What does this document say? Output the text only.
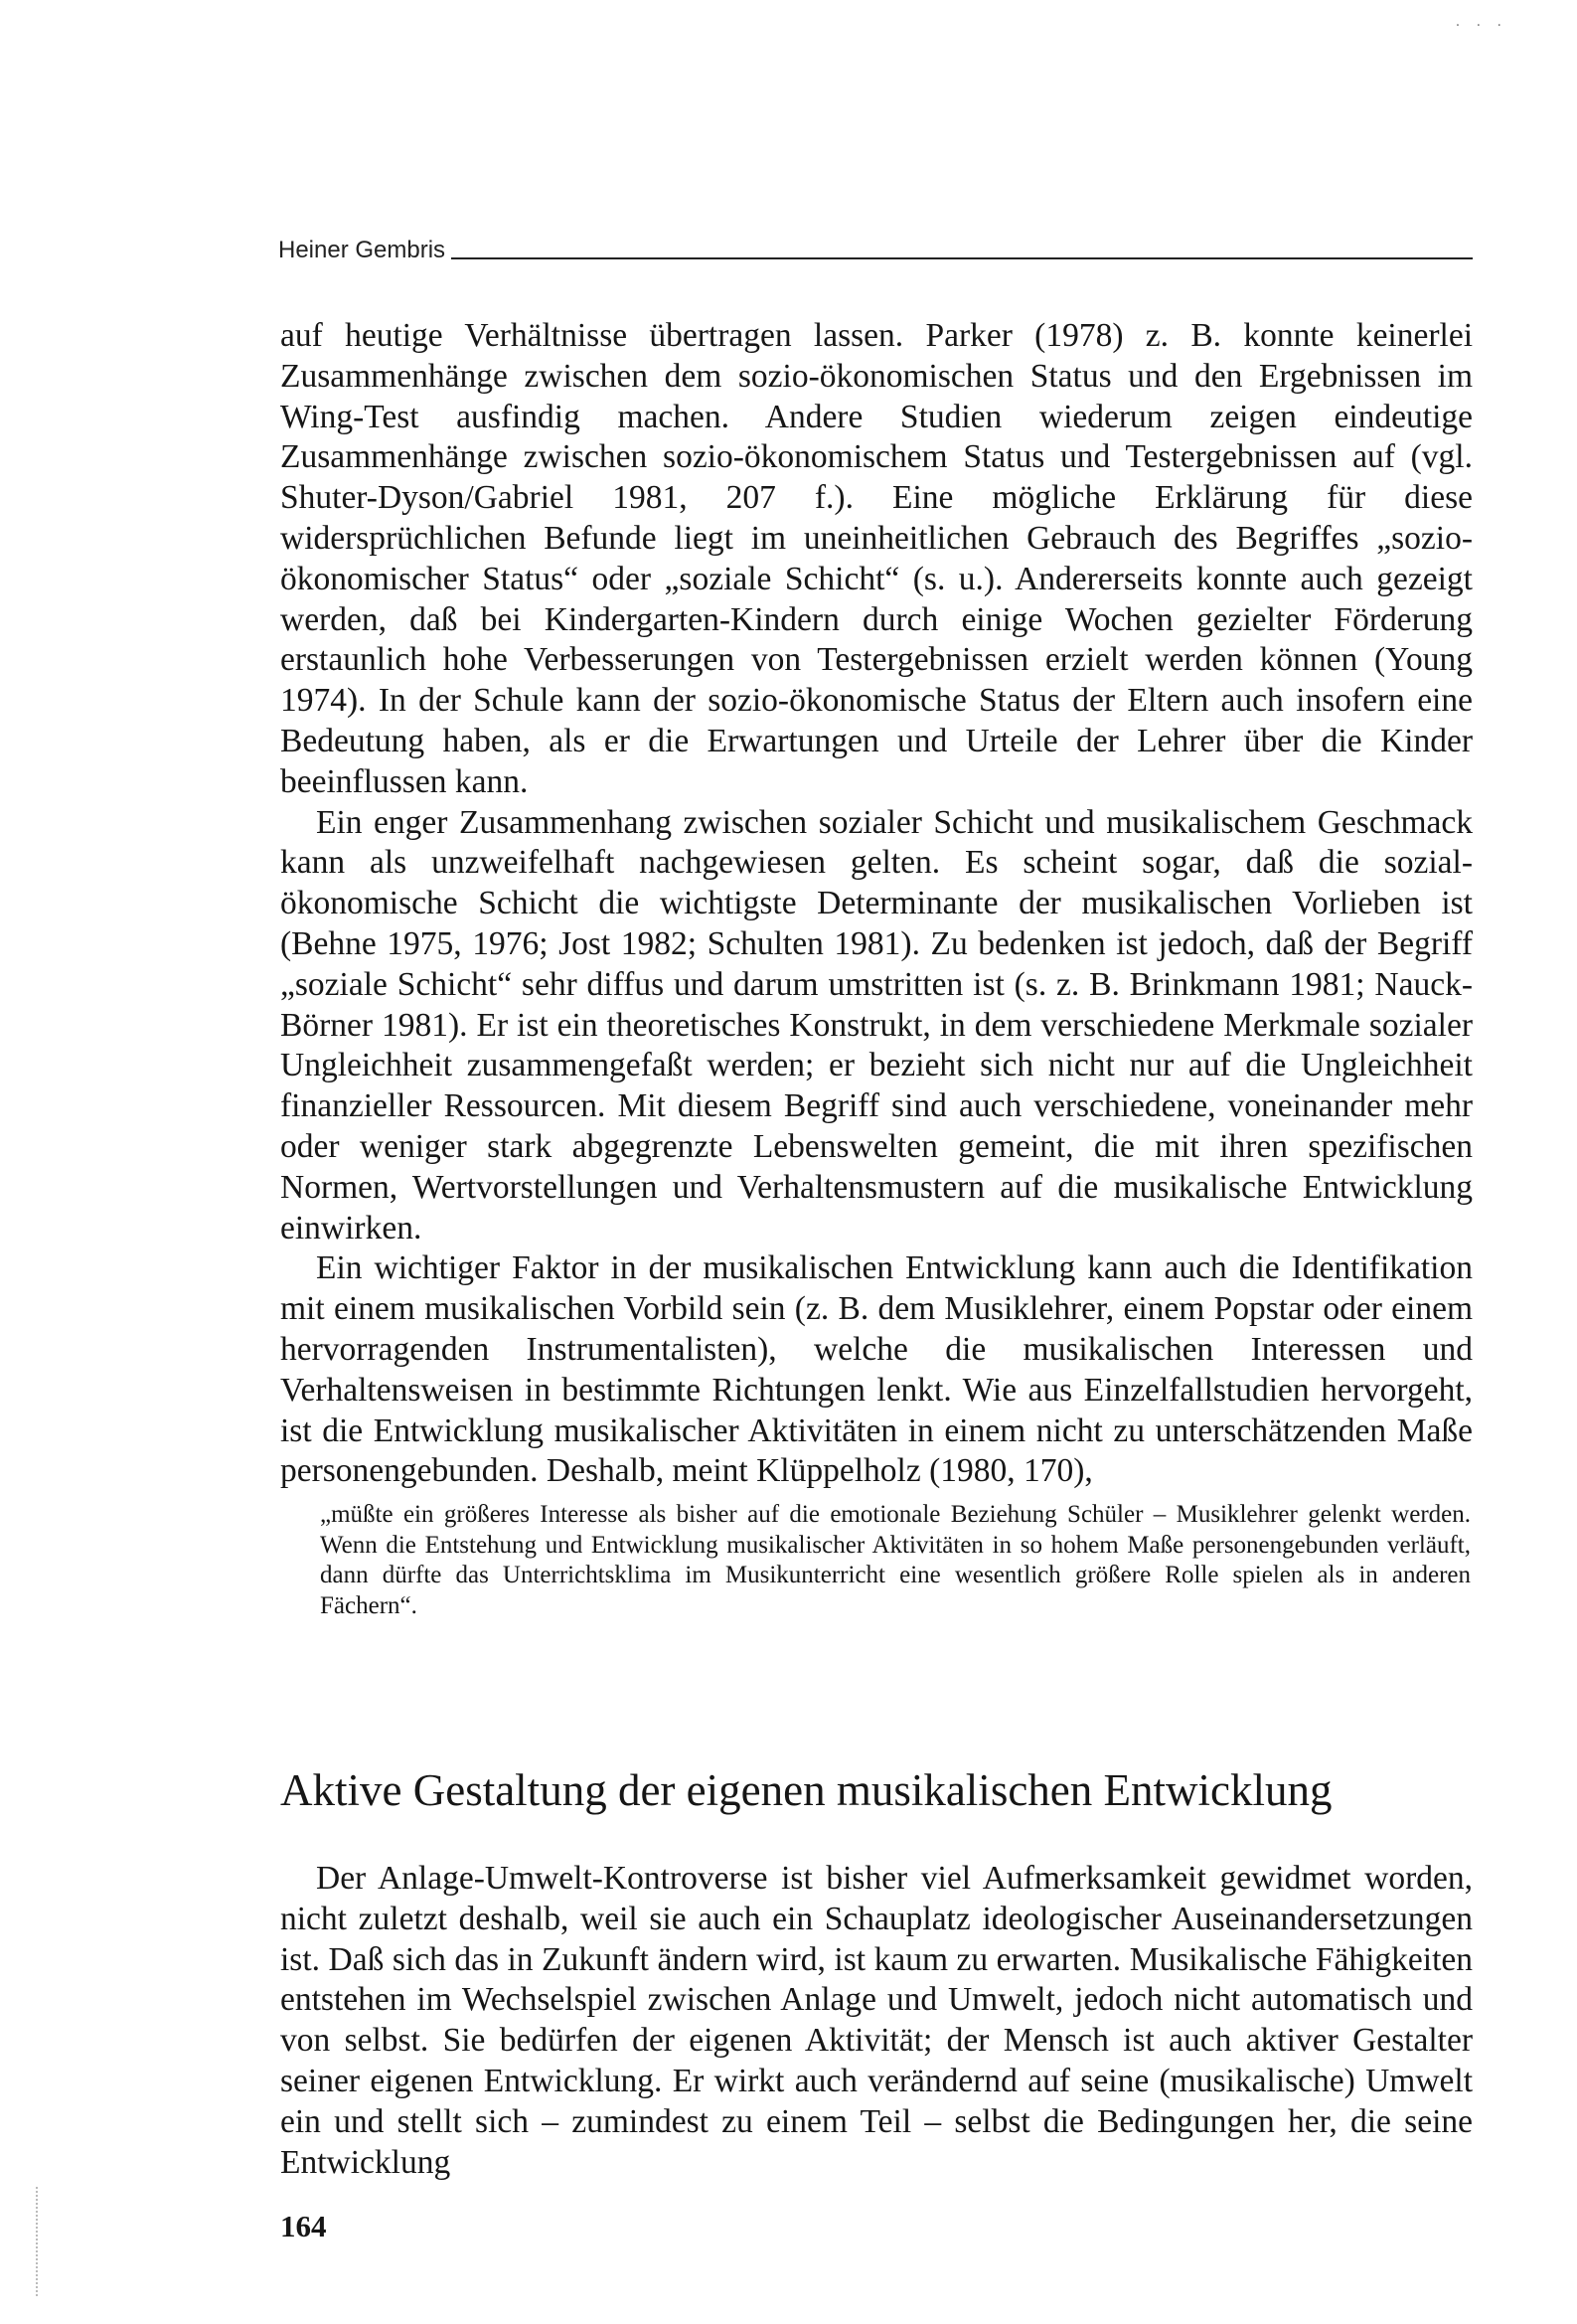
· · ·
Heiner Gembris

auf heutige Verhältnisse übertragen lassen. Parker (1978) z. B. konnte keinerlei Zusammenhänge zwischen dem sozio-ökonomischen Status und den Ergebnissen im Wing-Test ausfindig machen. Andere Studien wiederum zeigen eindeutige Zusammenhänge zwischen sozio-ökonomischem Status und Testergebnissen auf (vgl. Shuter-Dyson/Gabriel 1981, 207 f.). Eine mögliche Erklärung für diese widersprüchlichen Befunde liegt im uneinheitlichen Gebrauch des Begriffes „sozio-ökonomischer Status“ oder „soziale Schicht“ (s. u.). Andererseits konnte auch gezeigt werden, daß bei Kindergarten-Kindern durch einige Wochen gezielter Förderung erstaunlich hohe Verbesserungen von Testergebnissen erzielt werden können (Young 1974). In der Schule kann der sozio-ökonomische Status der Eltern auch insofern eine Bedeutung haben, als er die Erwartungen und Urteile der Lehrer über die Kinder beeinflussen kann.

Ein enger Zusammenhang zwischen sozialer Schicht und musikalischem Geschmack kann als unzweifelhaft nachgewiesen gelten. Es scheint sogar, daß die sozial-ökonomische Schicht die wichtigste Determinante der musikalischen Vorlieben ist (Behne 1975, 1976; Jost 1982; Schulten 1981). Zu bedenken ist jedoch, daß der Begriff „soziale Schicht“ sehr diffus und darum umstritten ist (s. z. B. Brinkmann 1981; Nauck-Börner 1981). Er ist ein theoretisches Konstrukt, in dem verschiedene Merkmale sozialer Ungleichheit zusammengefaßt werden; er bezieht sich nicht nur auf die Ungleichheit finanzieller Ressourcen. Mit diesem Begriff sind auch verschiedene, voneinander mehr oder weniger stark abgegrenzte Lebenswelten gemeint, die mit ihren spezifischen Normen, Wertvorstellungen und Verhaltensmustern auf die musikalische Entwicklung einwirken.

Ein wichtiger Faktor in der musikalischen Entwicklung kann auch die Identifikation mit einem musikalischen Vorbild sein (z. B. dem Musiklehrer, einem Popstar oder einem hervorragenden Instrumentalisten), welche die musikalischen Interessen und Verhaltensweisen in bestimmte Richtungen lenkt. Wie aus Einzelfallstudien hervorgeht, ist die Entwicklung musikalischer Aktivitäten in einem nicht zu unterschätzenden Maße personengebunden. Deshalb, meint Klüppelholz (1980, 170),

„müßte ein größeres Interesse als bisher auf die emotionale Beziehung Schüler – Musiklehrer gelenkt werden. Wenn die Entstehung und Entwicklung musikalischer Aktivitäten in so hohem Maße personengebunden verläuft, dann dürfte das Unterrichtsklima im Musikunterricht eine wesentlich größere Rolle spielen als in anderen Fächern“.
Aktive Gestaltung der eigenen musikalischen Entwicklung

Der Anlage-Umwelt-Kontroverse ist bisher viel Aufmerksamkeit gewidmet worden, nicht zuletzt deshalb, weil sie auch ein Schauplatz ideologischer Auseinandersetzungen ist. Daß sich das in Zukunft ändern wird, ist kaum zu erwarten. Musikalische Fähigkeiten entstehen im Wechselspiel zwischen Anlage und Umwelt, jedoch nicht automatisch und von selbst. Sie bedürfen der eigenen Aktivität; der Mensch ist auch aktiver Gestalter seiner eigenen Entwicklung. Er wirkt auch verändernd auf seine (musikalische) Umwelt ein und stellt sich – zumindest zu einem Teil – selbst die Bedingungen her, die seine Entwicklung

164
